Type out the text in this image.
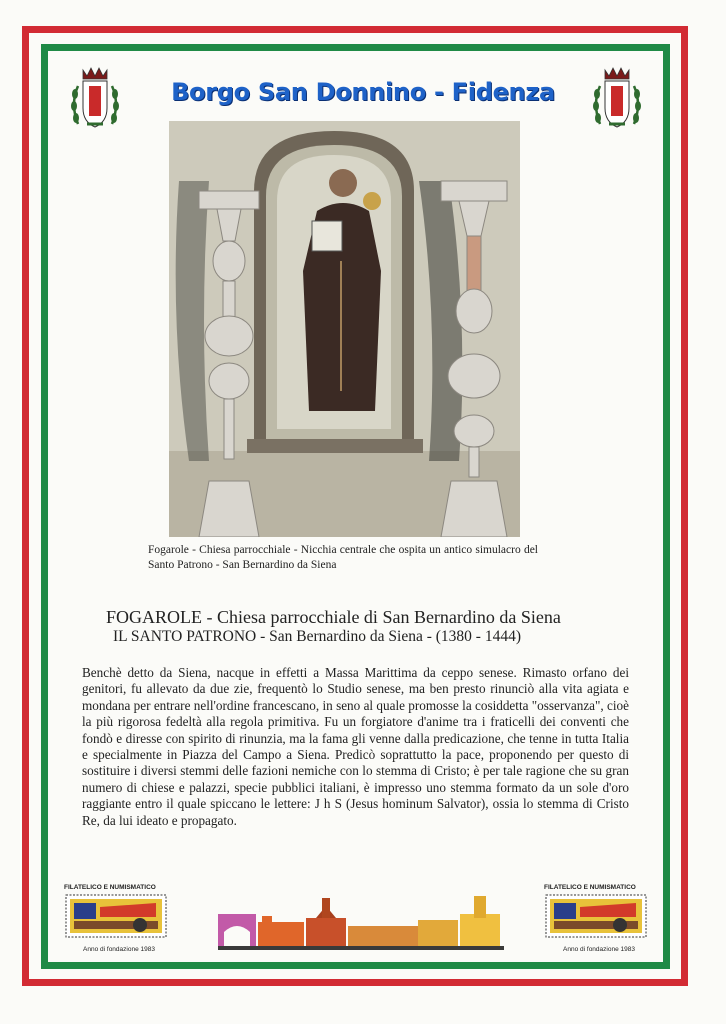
Borgo San Donnino - Fidenza
Fogarole - Chiesa parrocchiale - Nicchia centrale che ospita un antico simulacro del Santo Patrono - San Bernardino da Siena
FOGAROLE - Chiesa parrocchiale di San Bernardino da Siena
IL SANTO PATRONO - San Bernardino da Siena - (1380 - 1444)
Benchè detto da Siena, nacque in effetti a Massa Marittima da ceppo senese. Rimasto orfano dei genitori, fu allevato da due zie, frequentò lo Studio senese, ma ben presto rinunciò alla vita agiata e mondana per entrare nell'ordine francescano, in seno al quale promosse la cosiddetta "osservanza", cioè la più rigorosa fedeltà alla regola primitiva. Fu un forgiatore d'anime tra i fraticelli dei conventi che fondò e diresse con spirito di rinunzia, ma la fama gli venne dalla predicazione, che tenne in tutta Italia e specialmente in Piazza del Campo a Siena. Predicò soprattutto la pace, proponendo per questo di sostituire i diversi stemmi delle fazioni nemiche con lo stemma di Cristo; è per tale ragione che su gran numero di chiese e palazzi, specie pubblici italiani, è impresso uno stemma formato da un sole d'oro raggiante entro il quale spiccano le lettere: J h S (Jesus hominum Salvator), ossia lo stemma di Cristo Re, da lui ideato e propagato.
FILATELICO E NUMISMATICO
Anno di fondazione 1983
FILATELICO E NUMISMATICO
Anno di fondazione 1983
